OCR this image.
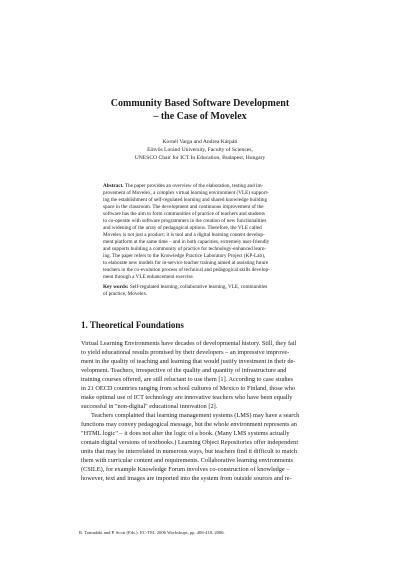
Community Based Software Development
– the Case of Movelex
Kornél Varga and Andrea Kárpáti
Eötvös Loránd University, Faculty of Sciences,
UNESCO Chair for ICT In Education, Budapest, Hungary
Abstract. The paper provides an overview of the elaboration, testing and im-
provement of Movelex, a complex virtual learning environment (VLE) support-
ing the establishment of self-regulated learning and shared knowledge building
space in the classroom. The development and continuous improvement of the
software has the aim to form communities of practice of teachers and students
to co-operate with software programmers in the creation of new functionalities
and widening of the array of pedagogical options. Therefore, the VLE called
Movelex is not just a product; it is tool and a digital learning content develop-
ment platform at the same time – and in both capacities, extremely user-friendly
and supports building a community of practice for technology-enhanced learn-
ing. The paper refers to the Knowledge Practice Laboratory Project (KP-Lab),
to elaborate new models for in-service teacher training aimed at assisting future
teachers in the co-evolution process of technical and pedagogical skills develop-
ment through a VLE enhancement exercise.
Key words: Self-regulated learning, collaborative learning, VLE, communities
of practice, Movelex.
1. Theoretical Foundations
Virtual Learning Environments have decades of developmental history. Still, they fail
to yield educational results promised by their developers – an impressive improve-
ment in the quality of teaching and learning that would justify investment in their de-
velopment. Teachers, irrespective of the quality and quantity of infrastructure and
training courses offered, are still reluctant to use them [1]. According to case studies
in 21 OECD countries ranging from school cultures of Mexico to Finland, those who
make optimal use of ICT technology are innovative teachers who have been equally
successful in "non-digital" educational innovation [2].
Teachers complained that learning management systems (LMS) may have a search
functions may convey pedagogical message, but the whole environment represents an
"HTML logic" – it does not alter the logic of a book. (Many LMS systems actually
contain digital versions of textbooks.) Learning Object Repositories offer independent
units that may be interrelated in numerous ways, but teachers find it difficult to match
them with curricular content and requirements. Collaborative learning environments
(CSILE), for example Knowledge Forum involves co-construction of knowledge –
however, text and images are imported into the system from outside sources and re-
R. Tomadaki and P. Scott (Eds.): EC-TEL 2006 Workshops, pp. 406-418, 2006.
